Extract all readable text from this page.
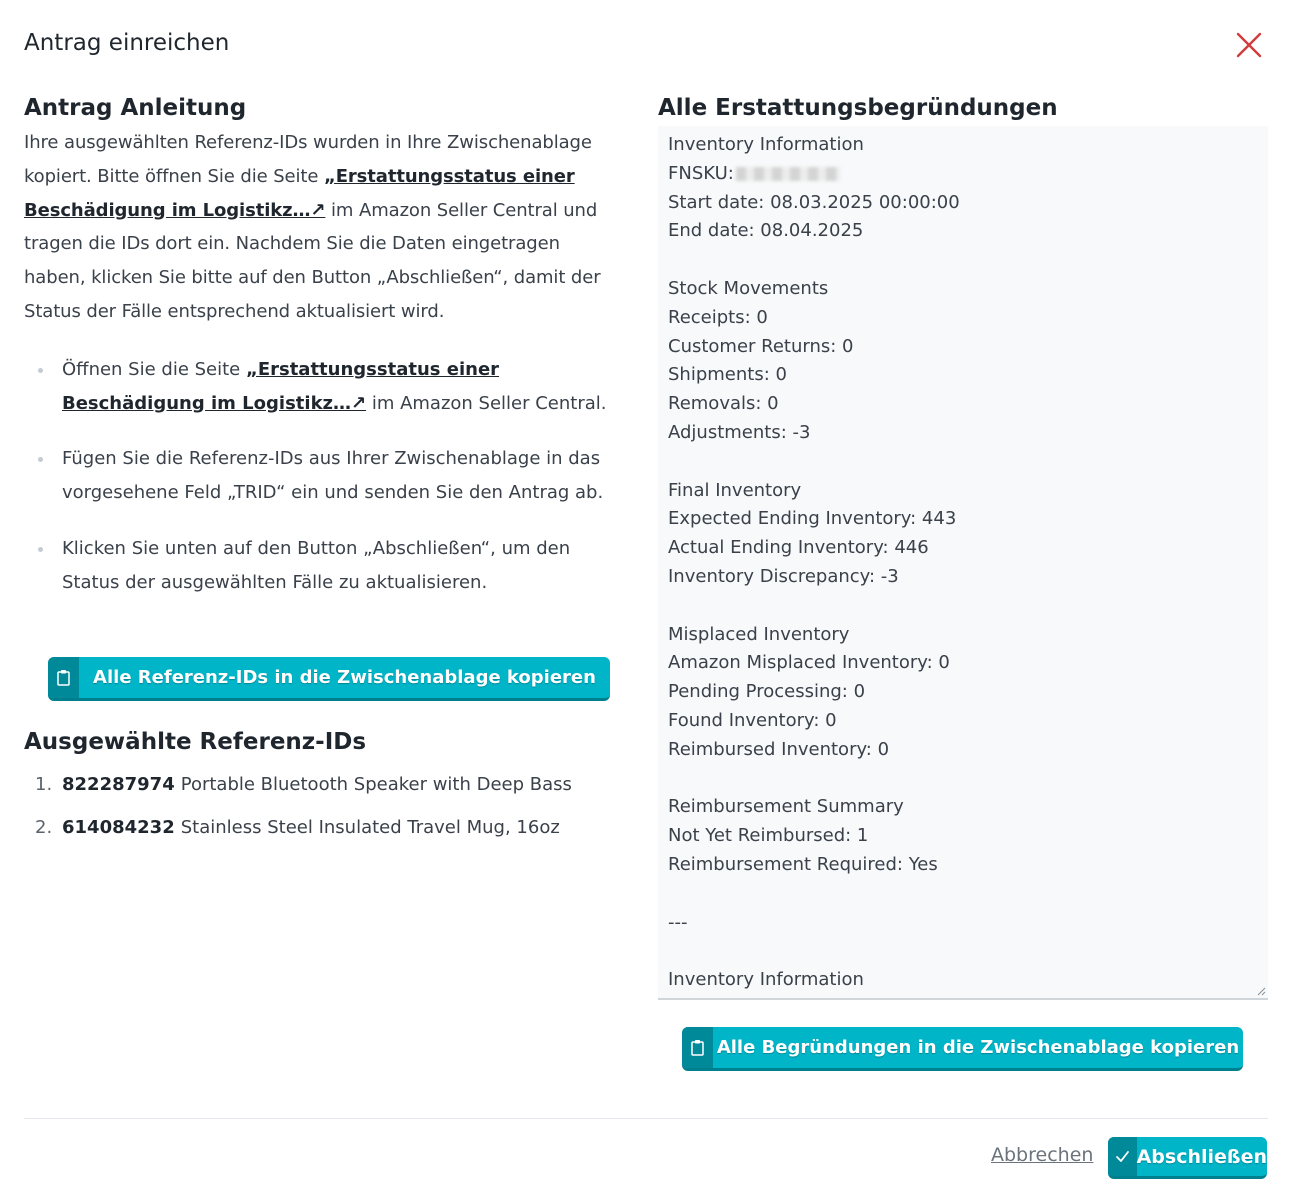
Antrag einreichen
Antrag Anleitung

Ihre ausgewählten Referenz-IDs wurden in Ihre Zwischenablage kopiert. Bitte öffnen Sie die Seite „Erstattungsstatus einer Beschädigung im Logistikz…↗ im Amazon Seller Central und tragen die IDs dort ein. Nachdem Sie die Daten eingetragen haben, klicken Sie bitte auf den Button „Abschließen“, damit der Status der Fälle entsprechend aktualisiert wird.

Öffnen Sie die Seite „Erstattungsstatus einer Beschädigung im Logistikz…↗ im Amazon Seller Central.
Fügen Sie die Referenz-IDs aus Ihrer Zwischenablage in das vorgesehene Feld „TRID“ ein und senden Sie den Antrag ab.
Klicken Sie unten auf den Button „Abschließen“, um den Status der ausgewählten Fälle zu aktualisieren.
Alle Referenz-IDs in die Zwischenablage kopieren
Ausgewählte Referenz-IDs
1. 822287974 Portable Bluetooth Speaker with Deep Bass
2. 614084232 Stainless Steel Insulated Travel Mug, 16oz
Alle Erstattungsbegründungen
Inventory Information
FNSKU:
Start date: 08.03.2025 00:00:00
End date: 08.04.2025

Stock Movements
Receipts: 0
Customer Returns: 0
Shipments: 0
Removals: 0
Adjustments: -3

Final Inventory
Expected Ending Inventory: 443
Actual Ending Inventory: 446
Inventory Discrepancy: -3

Misplaced Inventory
Amazon Misplaced Inventory: 0
Pending Processing: 0
Found Inventory: 0
Reimbursed Inventory: 0

Reimbursement Summary
Not Yet Reimbursed: 1
Reimbursement Required: Yes

---

Inventory Information

Alle Begründungen in die Zwischenablage kopieren
Abbrechen Abschließen
